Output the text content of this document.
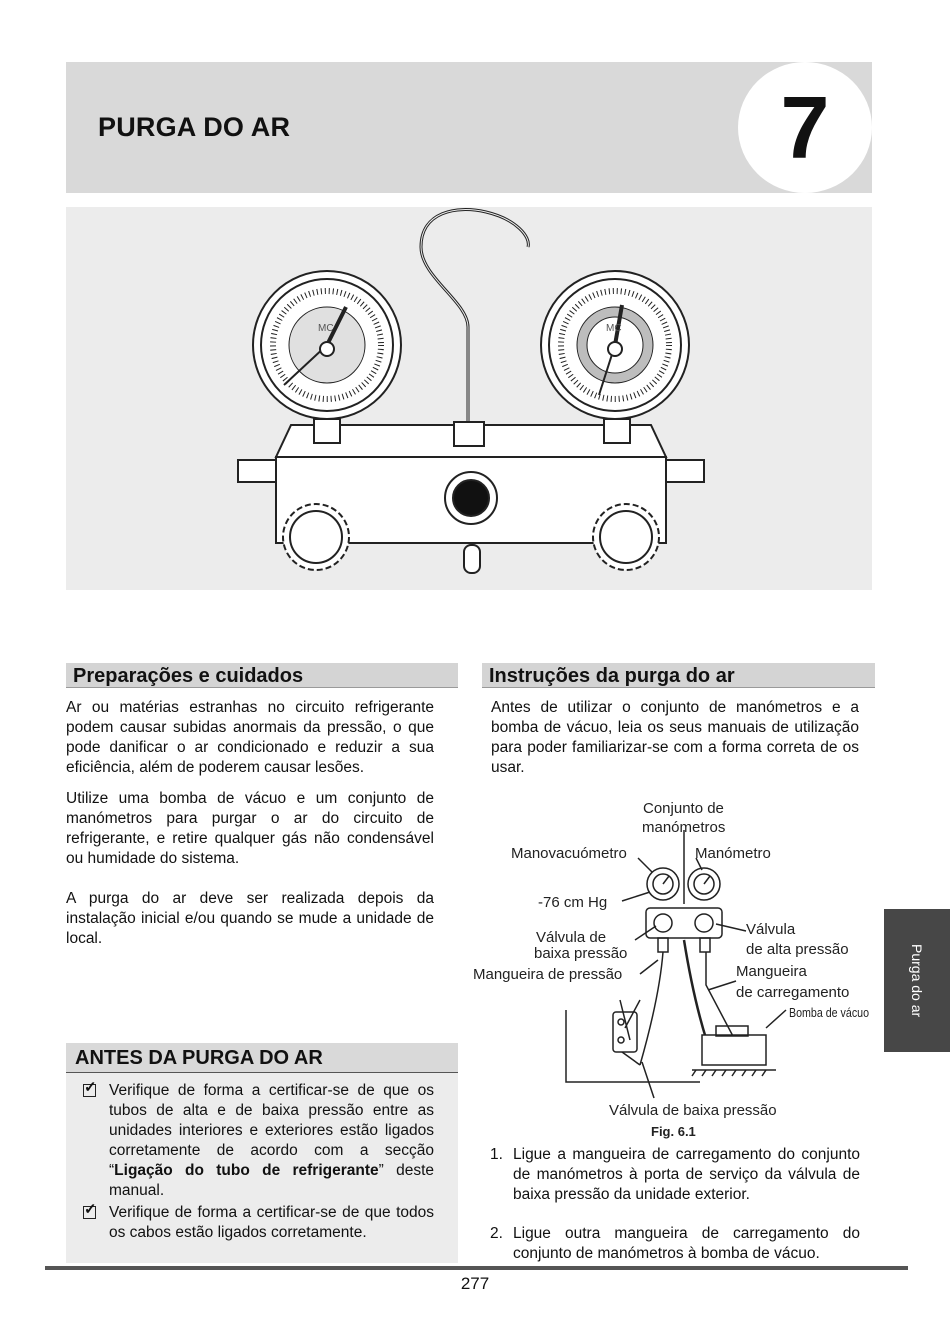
PURGA DO AR	7
MC	MC
Preparações e cuidados

Ar ou matérias estranhas no circuito refrigerante podem causar subidas anormais da pressão, o que pode danificar o ar condicionado e reduzir a sua eficiência, além de poderem causar lesões.

Utilize uma bomba de vácuo e um conjunto de manómetros para purgar o ar do circuito de refrigerante, e retire qualquer gás não condensável ou humidade do sistema.

A purga do ar deve ser realizada depois da instalação inicial e/ou quando se mude a unidade de local.

ANTES DA PURGA DO AR
✓
Verifique de forma a certificar-se de que os tubos de alta e de baixa pressão entre as unidades interiores e exteriores estão ligados corretamente de acordo com a secção “Ligação do tubo de refrigerante” deste manual.
✓
Verifique de forma a certificar-se de que todos os cabos estão ligados corretamente.
Instruções da purga do ar
Antes de utilizar o conjunto de manómetros e a bomba de vácuo, leia os seus manuais de utilização para poder familiarizar-se com a forma correta de os usar.
Conjunto de
manómetros
Manovacuómetro	Manómetro
-76 cm Hg
Válvula de
baixa pressão
Válvula
de alta pressão
Mangueira de pressão	Mangueira
de carregamento
Bomba de vácuo
Válvula de baixa pressão
Fig. 6.1
1. Ligue a mangueira de carregamento do conjunto de manómetros à porta de serviço da válvula de baixa pressão da unidade exterior.
2. Ligue outra mangueira de carregamento do conjunto de manómetros à bomba de vácuo.
Purga do ar
277
